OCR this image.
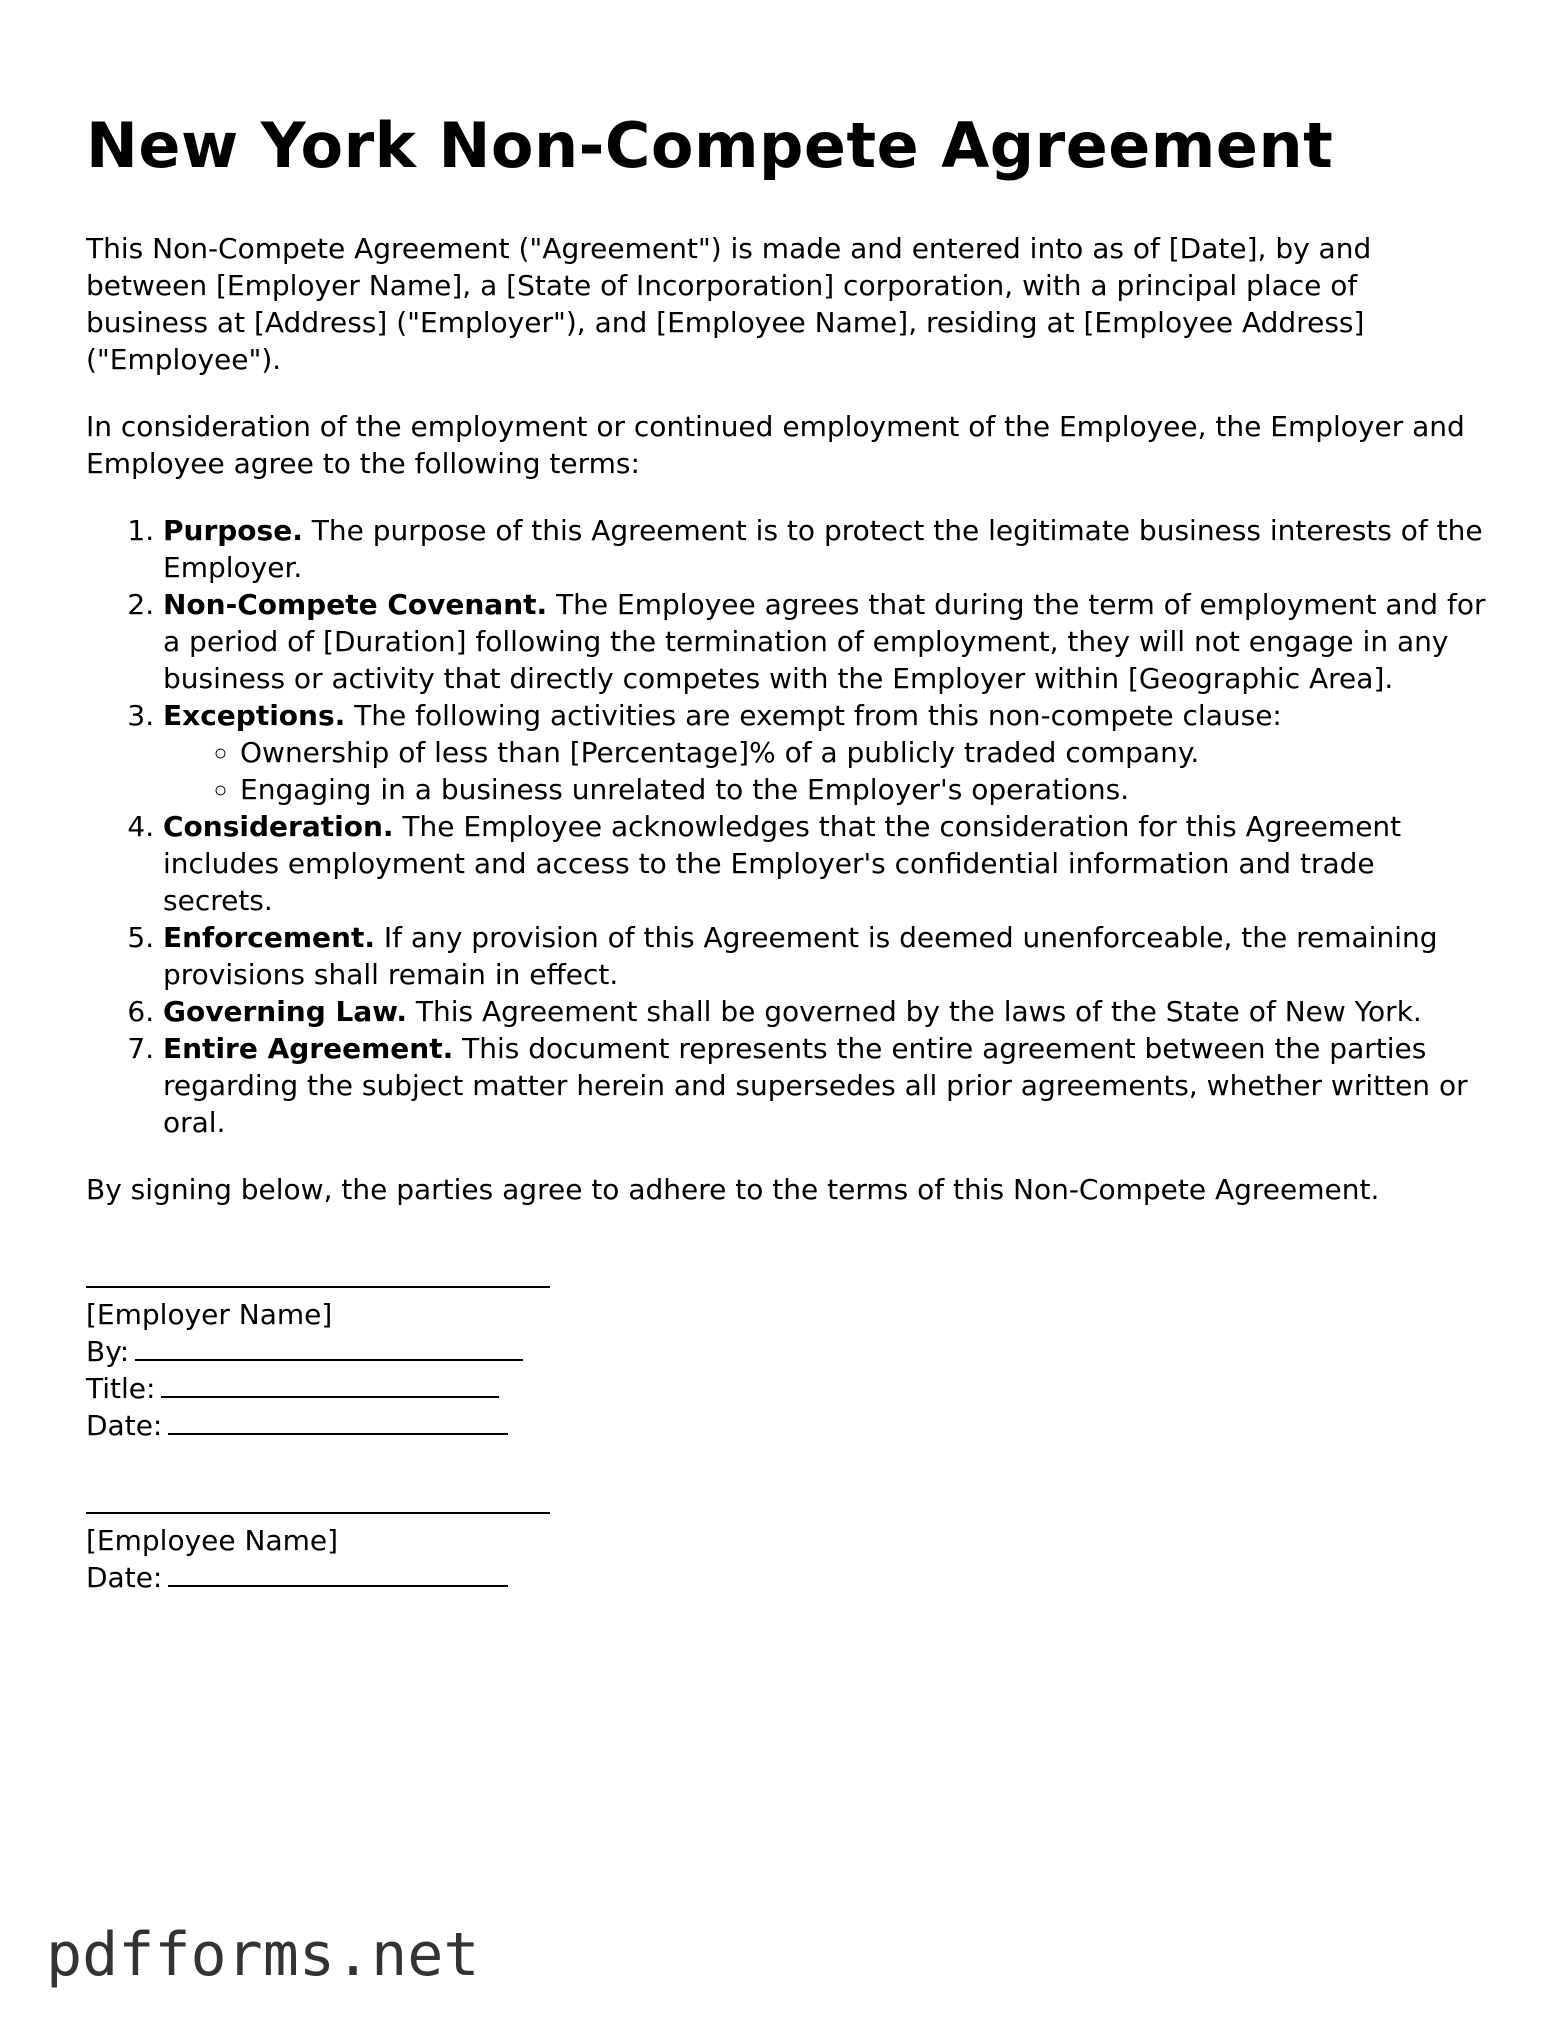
New York Non-Compete Agreement

This Non-Compete Agreement ("Agreement") is made and entered into as of [Date], by and between [Employer Name], a [State of Incorporation] corporation, with a principal place of business at [Address] ("Employer"), and [Employee Name], residing at [Employee Address] ("Employee").

In consideration of the employment or continued employment of the Employee, the Employer and Employee agree to the following terms:

1. Purpose. The purpose of this Agreement is to protect the legitimate business interests of the Employer.
2. Non-Compete Covenant. The Employee agrees that during the term of employment and for a period of [Duration] following the termination of employment, they will not engage in any business or activity that directly competes with the Employer within [Geographic Area].
3. Exceptions. The following activities are exempt from this non-compete clause:
◦ Ownership of less than [Percentage]% of a publicly traded company.
◦ Engaging in a business unrelated to the Employer's operations.
4. Consideration. The Employee acknowledges that the consideration for this Agreement includes employment and access to the Employer's confidential information and trade secrets.
5. Enforcement. If any provision of this Agreement is deemed unenforceable, the remaining provisions shall remain in effect.
6. Governing Law. This Agreement shall be governed by the laws of the State of New York.
7. Entire Agreement. This document represents the entire agreement between the parties regarding the subject matter herein and supersedes all prior agreements, whether written or oral.

By signing below, the parties agree to adhere to the terms of this Non-Compete Agreement.

[Employer Name]
By:
Title:
Date:
[Employee Name]
Date:
pdfforms.net
